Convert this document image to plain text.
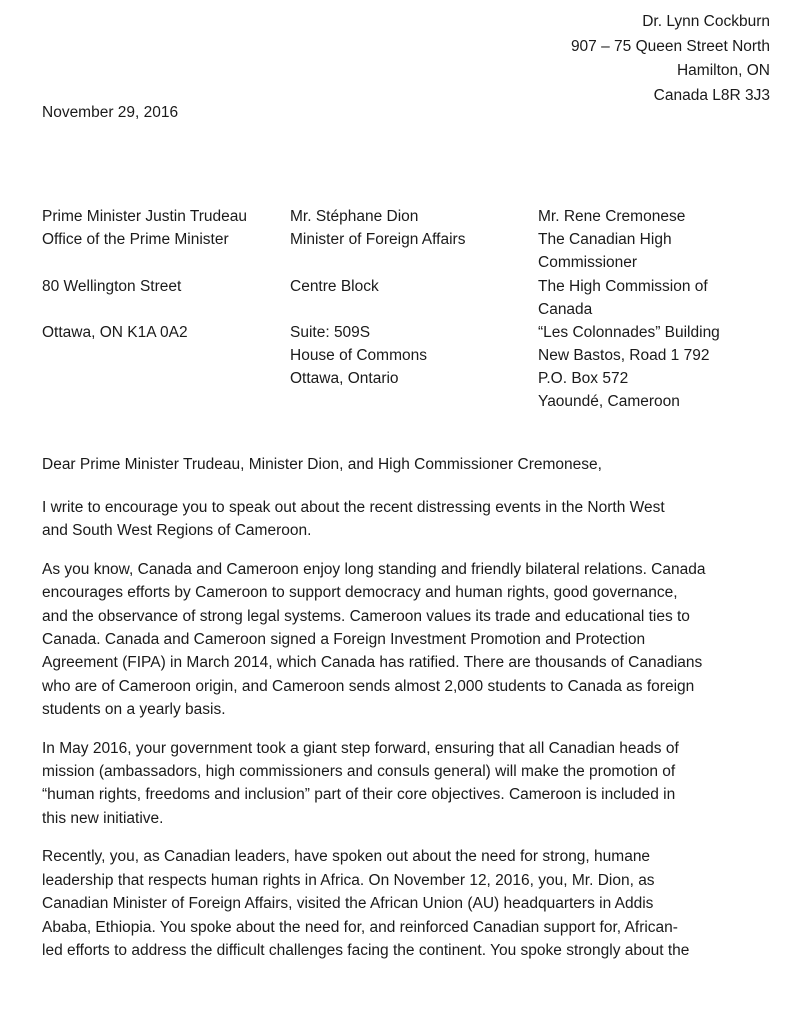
Dr. Lynn Cockburn
907 – 75 Queen Street North
Hamilton, ON
Canada L8R 3J3
November 29, 2016
Prime Minister Justin Trudeau
Office of the Prime Minister
80 Wellington Street
Ottawa, ON K1A 0A2
Mr. Stéphane Dion
Minister of Foreign Affairs
Centre Block
Suite: 509S
House of Commons
Ottawa, Ontario
Mr. Rene Cremonese
The Canadian High
Commissioner
The High Commission of
Canada
“Les Colonnades” Building
New Bastos, Road 1 792
P.O. Box 572
Yaoundé, Cameroon
Dear Prime Minister Trudeau, Minister Dion, and High Commissioner Cremonese,
I write to encourage you to speak out about the recent distressing events in the North West
and South West Regions of Cameroon.
As you know, Canada and Cameroon enjoy long standing and friendly bilateral relations. Canada
encourages efforts by Cameroon to support democracy and human rights, good governance,
and the observance of strong legal systems. Cameroon values its trade and educational ties to
Canada. Canada and Cameroon signed a Foreign Investment Promotion and Protection
Agreement (FIPA) in March 2014, which Canada has ratified. There are thousands of Canadians
who are of Cameroon origin, and Cameroon sends almost 2,000 students to Canada as foreign
students on a yearly basis.
In May 2016, your government took a giant step forward, ensuring that all Canadian heads of
mission (ambassadors, high commissioners and consuls general) will make the promotion of
“human rights, freedoms and inclusion” part of their core objectives. Cameroon is included in
this new initiative.
Recently, you, as Canadian leaders, have spoken out about the need for strong, humane
leadership that respects human rights in Africa. On November 12, 2016, you, Mr. Dion, as
Canadian Minister of Foreign Affairs, visited the African Union (AU) headquarters in Addis
Ababa, Ethiopia. You spoke about the need for, and reinforced Canadian support for, African-
led efforts to address the difficult challenges facing the continent. You spoke strongly about the
